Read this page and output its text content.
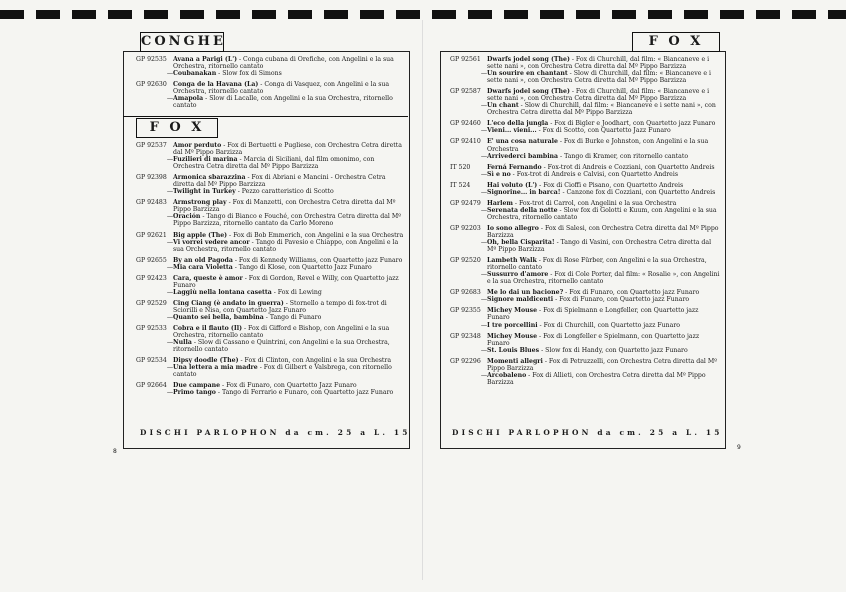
CONGHE
GP 92535	Avana a Parigi (L') - Conga cubana di Orefiche, con Angelini e la sua Orchestra, ritornello cantato
— Coubanakan - Slow fox di Simons
GP 92630	Conga de la Havana (La) - Conga di Vasquez, con Angelini e la sua Orchestra, ritornello cantato
— Amapola - Slow di Lacalle, con Angelini e la sua Orchestra, ritornello cantato
F O X
GP 92537	Amor perduto - Fox di Bertuetti e Pugliese, con Orchestra Cetra diretta dal Mº Pippo Barzizza
— Fuzilieri di marina - Marcia di Siciliani, dal film omonimo, con Orchestra Cetra diretta dal Mº Pippo Barzizza
GP 92398	Armonica sbarazzina - Fox di Abriani e Mancini - Orchestra Cetra diretta dal Mº Pippo Barzizza
— Twilight in Turkey - Pezzo caratteristico di Scotto
GP 92483	Armstrong play - Fox di Manzetti, con Orchestra Cetra diretta dal Mº Pippo Barzizza
— Oración - Tango di Bianco e Fouché, con Orchestra Cetra diretta dal Mº Pippo Barzizza, ritornello cantato da Carlo Moreno
GP 92621	Big apple (The) - Fox di Bob Emmerich, con Angelini e la sua Orchestra
— Vi vorrei vedere ancor - Tango di Pavesio e Chiappo, con Angelini e la sua Orchestra, ritornello cantato
GP 92655	By an old Pagoda - Fox di Kennedy Williams, con Quartetto jazz Funaro
— Mia cara Violetta - Tango di Klose, con Quartetto Jazz Funaro
GP 92423	Cara, queste è amor - Fox di Gordon, Revel e Willy, con Quartetto jazz Funaro
— Laggiù nella lontana casetta - Fox di Lewing
GP 92529	Cing Ciang (è andato in guerra) - Stornello a tempo di fox-trot di Sciorilli e Nisa, con Quartetto Jazz Funaro
— Quanto sei bella, bambina - Tango di Funaro
GP 92533	Cobra e il flauto (Il) - Fox di Gifford e Bishop, con Angelini e la sua Orchestra, ritornello cantato
— Nulla - Slow di Cassano e Quintrini, con Angelini e la sua Orchestra, ritornello cantato
GP 92534	Dipsy doodle (The) - Fox di Clinton, con Angelini e la sua Orchestra
— Una lettera a mia madre - Fox di Gilbert e Valsbrega, con ritornello cantato
GP 92664	Due campane - Fox di Funaro, con Quartetto Jazz Funaro
— Primo tango - Tango di Ferrario e Funaro, con Quartetto jazz Funaro
DISCHI PARLOPHON da cm. 25 a L. 15
8
F O X
GP 92561	Dwarfs jodel song (The) - Fox di Churchill, dal film: « Biancaneve e i sette nani », con Orchestra Cetra diretta dal Mº Pippo Barzizza
— Un sourire en chantant - Slow di Churchill, dal film: « Biancaneve e i sette nani », con Orchestra Cetra diretta dal Mº Pippo Barzizza
GP 92587	Dwarfs jodel song (The) - Fox di Churchill, dal film: « Biancaneve e i sette nani », con Orchestra Cetra diretta dal Mº Pippo Barzizza
— Un chant - Slow di Churchill, dal film: « Biancaneve e i sette nani », con Orchestra Cetra diretta dal Mº Pippo Barzizza
GP 92460	L'eco della jungla - Fox di Bigler e Joodhart, con Quartetto jazz Funaro
— Vieni... vieni... - Fox di Scotto, con Quartetto Jazz Funaro
GP 92410	E' una cosa naturale - Fox di Burke e Johnston, con Angelini e la sua Orchestra
— Arrivederci bambina - Tango di Kramer, con ritornello cantato
IT 520	Ferná Fernando - Fox-trot di Andreis e Cozziani, con Quartetto Andreis
— Sì e no - Fox-trot di Andreis e Calvisi, con Quartetto Andreis
IT 524	Hai voluto (L') - Fox di Cioffi e Pisano, con Quartetto Andreis
— Signorine... in barca! - Canzone fox di Cozziani, con Quartetto Andreis
GP 92479	Harlem - Fox-trot di Carrol, con Angelini e la sua Orchestra
— Serenata della notte - Slow fox di Golotti e Kuum, con Angelini e la sua Orchestra, ritornello cantato
GP 92203	Io sono allegro - Fox di Salesi, con Orchestra Cetra diretta dal Mº Pippo Barzizza
— Oh, bella Cisparita! - Tango di Vasini, con Orchestra Cetra diretta dal Mº Pippo Barzizza
GP 92520	Lambeth Walk - Fox di Rose Fürber, con Angelini e la sua Orchestra, ritornello cantato
— Sussurro d'amore - Fox di Cole Porter, dal film: « Rosalie », con Angelini e la sua Orchestra, ritornello cantato
GP 92683	Me lo dai un bacione? - Fox di Funaro, con Quartetto jazz Funaro
— Signore maldicenti - Fox di Funaro, con Quartetto jazz Funaro
GP 92355	Michey Mouse - Fox di Spielmann e Longfeller, con Quartetto jazz Funaro
— I tre porcellini - Fox di Churchill, con Quartetto jazz Funaro
GP 92348	Michey Mouse - Fox di Longfeller e Spielmann, con Quartetto jazz Funaro
— St. Louis Blues - Slow fox di Handy, con Quartetto jazz Funaro
GP 92296	Momenti allegri - Fox di Petruzzelli, con Orchestra Cetra diretta dal Mº Pippo Barzizza
— Arcobaleno - Fox di Allieti, con Orchestra Cetra diretta dal Mº Pippo Barzizza
DISCHI PARLOPHON da cm. 25 a L. 15
9
